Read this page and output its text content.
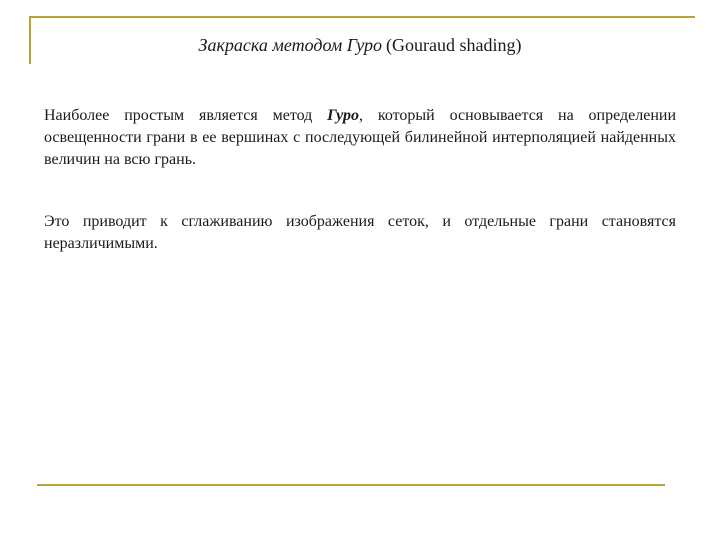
Закраска методом Гуро (Gouraud shading)

Наиболее простым является метод Гуро, который основывается на определении освещенности грани в ее вершинах с последующей билинейной интерполяцией найденных величин на всю грань.

Это приводит к сглаживанию изображения сеток, и отдельные грани становятся неразличимыми.
